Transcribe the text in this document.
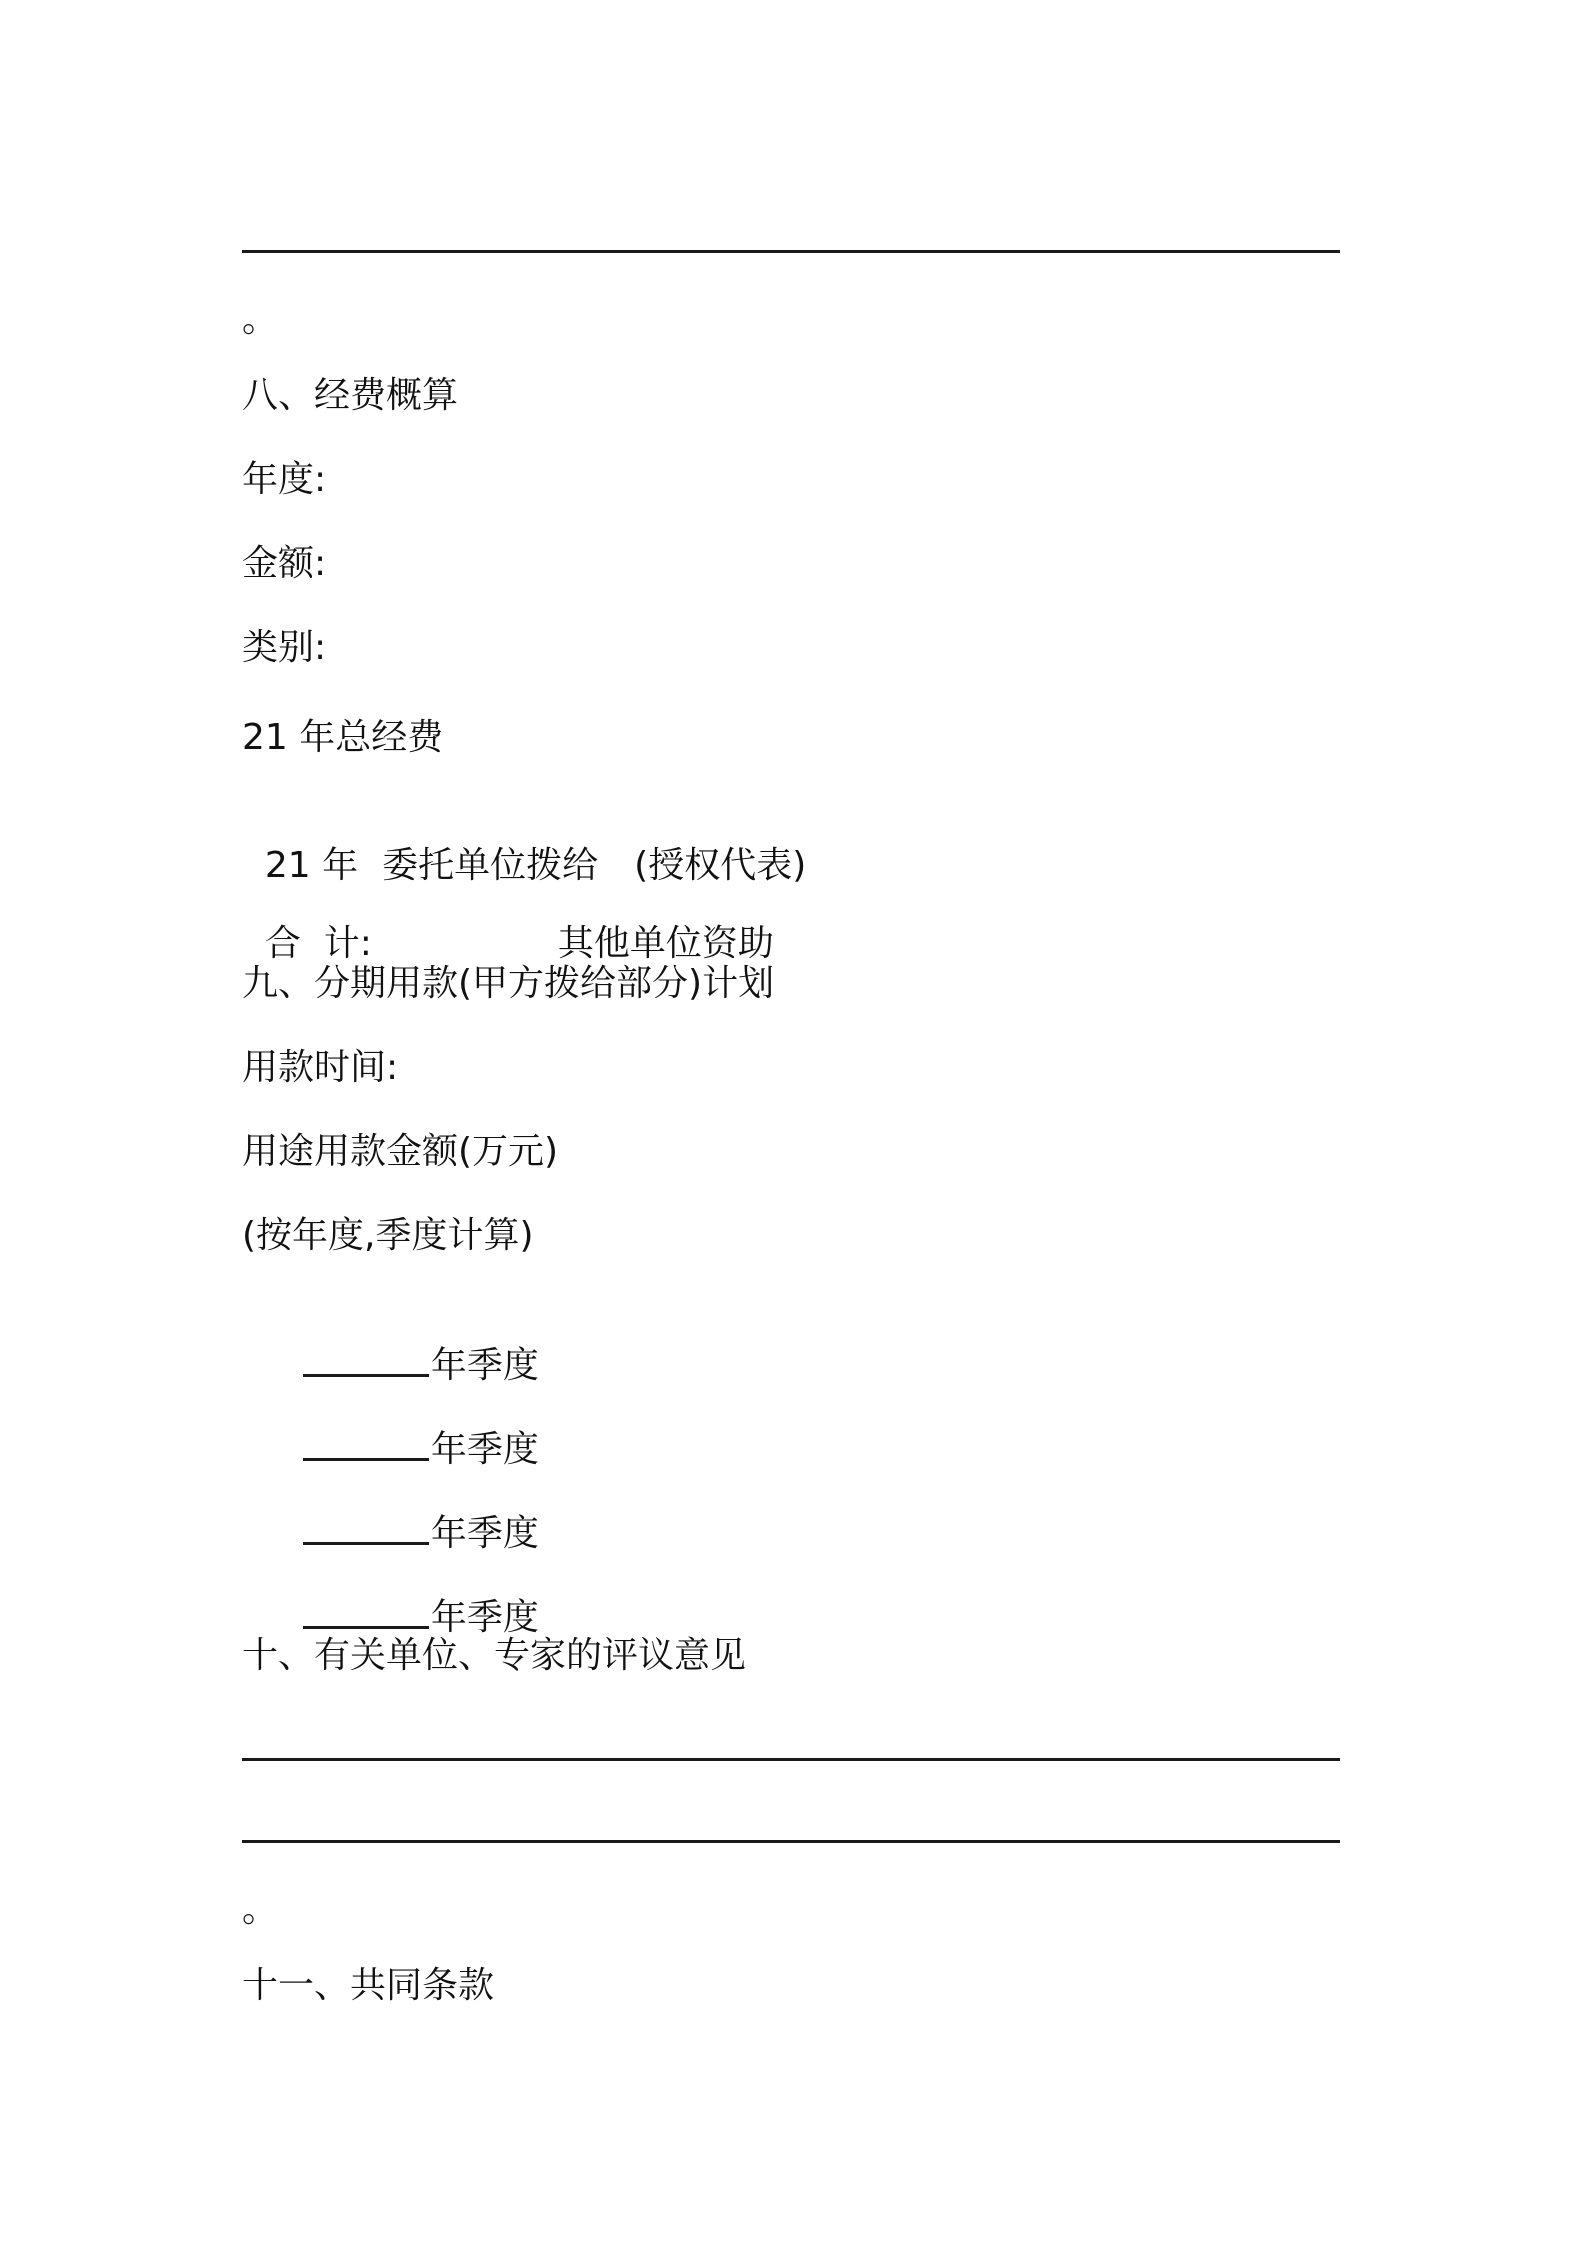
。

八、经费概算

年度:

金额:

类别:

21 年总经费

21 年 委托单位拨给 (授权代表)

合  计:	其他单位资助

九、分期用款(甲方拨给部分)计划

用款时间:

用途用款金额(万元)

(按年度,季度计算)

年季度

年季度

年季度

年季度

十、有关单位、专家的评议意见

。

十一、共同条款
